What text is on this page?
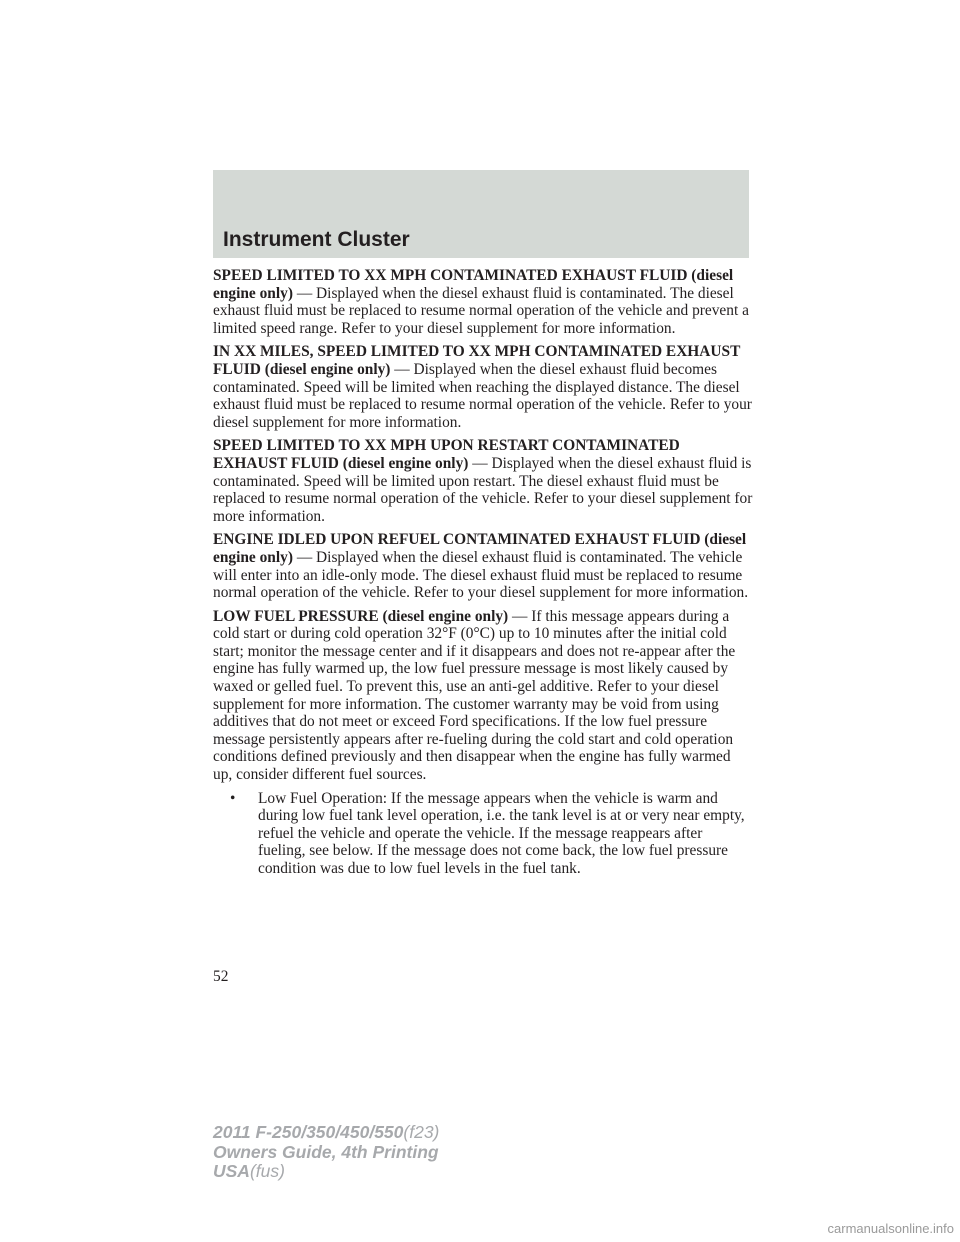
Instrument Cluster

SPEED LIMITED TO XX MPH CONTAMINATED EXHAUST FLUID (diesel engine only) — Displayed when the diesel exhaust fluid is contaminated. The diesel exhaust fluid must be replaced to resume normal operation of the vehicle and prevent a limited speed range. Refer to your diesel supplement for more information.

IN XX MILES, SPEED LIMITED TO XX MPH CONTAMINATED EXHAUST FLUID (diesel engine only) — Displayed when the diesel exhaust fluid becomes contaminated. Speed will be limited when reaching the displayed distance. The diesel exhaust fluid must be replaced to resume normal operation of the vehicle. Refer to your diesel supplement for more information.

SPEED LIMITED TO XX MPH UPON RESTART CONTAMINATED EXHAUST FLUID (diesel engine only) — Displayed when the diesel exhaust fluid is contaminated. Speed will be limited upon restart. The diesel exhaust fluid must be replaced to resume normal operation of the vehicle. Refer to your diesel supplement for more information.

ENGINE IDLED UPON REFUEL CONTAMINATED EXHAUST FLUID (diesel engine only) — Displayed when the diesel exhaust fluid is contaminated. The vehicle will enter into an idle-only mode. The diesel exhaust fluid must be replaced to resume normal operation of the vehicle. Refer to your diesel supplement for more information.

LOW FUEL PRESSURE (diesel engine only) — If this message appears during a cold start or during cold operation 32°F (0°C) up to 10 minutes after the initial cold start; monitor the message center and if it disappears and does not re-appear after the engine has fully warmed up, the low fuel pressure message is most likely caused by waxed or gelled fuel. To prevent this, use an anti-gel additive. Refer to your diesel supplement for more information. The customer warranty may be void from using additives that do not meet or exceed Ford specifications. If the low fuel pressure message persistently appears after re-fueling during the cold start and cold operation conditions defined previously and then disappear when the engine has fully warmed up, consider different fuel sources.

• Low Fuel Operation: If the message appears when the vehicle is warm and during low fuel tank level operation, i.e. the tank level is at or very near empty, refuel the vehicle and operate the vehicle. If the message reappears after fueling, see below. If the message does not come back, the low fuel pressure condition was due to low fuel levels in the fuel tank.
52
2011 F-250/350/450/550(f23)
Owners Guide, 4th Printing
USA(fus)
carmanualsonline.info
